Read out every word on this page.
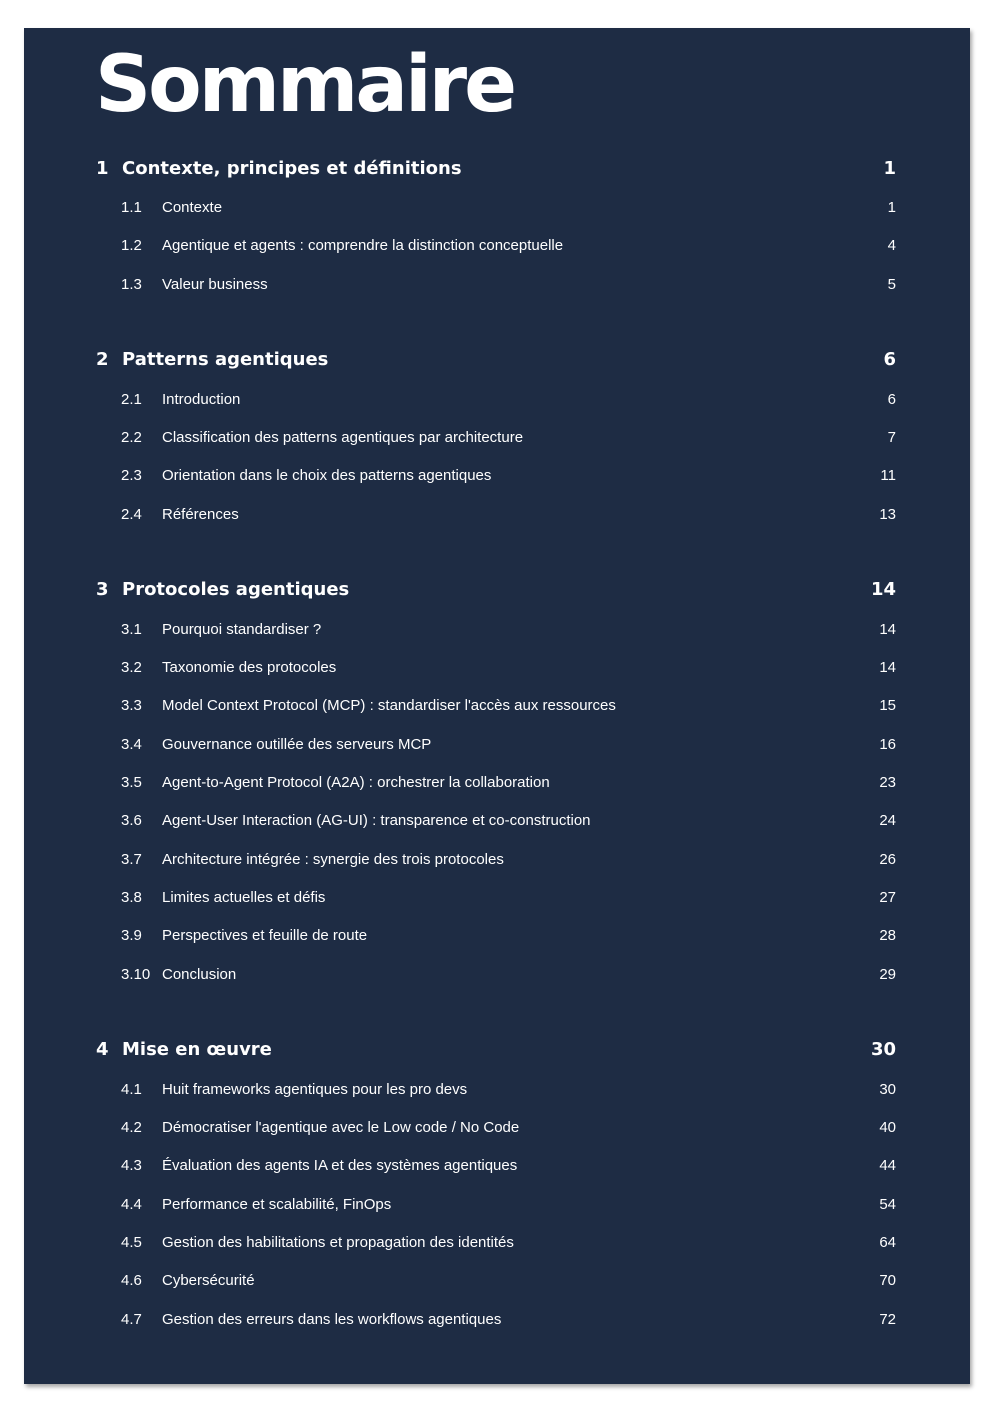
Sommaire
1 Contexte, principes et définitions	1
1.1 Contexte	1
1.2 Agentique et agents : comprendre la distinction conceptuelle	4
1.3 Valeur business	5
2 Patterns agentiques	6
2.1 Introduction	6
2.2 Classification des patterns agentiques par architecture	7
2.3 Orientation dans le choix des patterns agentiques	11
2.4 Références	13
3 Protocoles agentiques	14
3.1 Pourquoi standardiser ?	14
3.2 Taxonomie des protocoles	14
3.3 Model Context Protocol (MCP) : standardiser l'accès aux ressources	15
3.4 Gouvernance outillée des serveurs MCP	16
3.5 Agent-to-Agent Protocol (A2A) : orchestrer la collaboration	23
3.6 Agent-User Interaction (AG-UI) : transparence et co-construction	24
3.7 Architecture intégrée : synergie des trois protocoles	26
3.8 Limites actuelles et défis	27
3.9 Perspectives et feuille de route	28
3.10 Conclusion	29
4 Mise en œuvre	30
4.1 Huit frameworks agentiques pour les pro devs	30
4.2 Démocratiser l'agentique avec le Low code / No Code	40
4.3 Évaluation des agents IA et des systèmes agentiques	44
4.4 Performance et scalabilité, FinOps	54
4.5 Gestion des habilitations et propagation des identités	64
4.6 Cybersécurité	70
4.7 Gestion des erreurs dans les workflows agentiques	72
